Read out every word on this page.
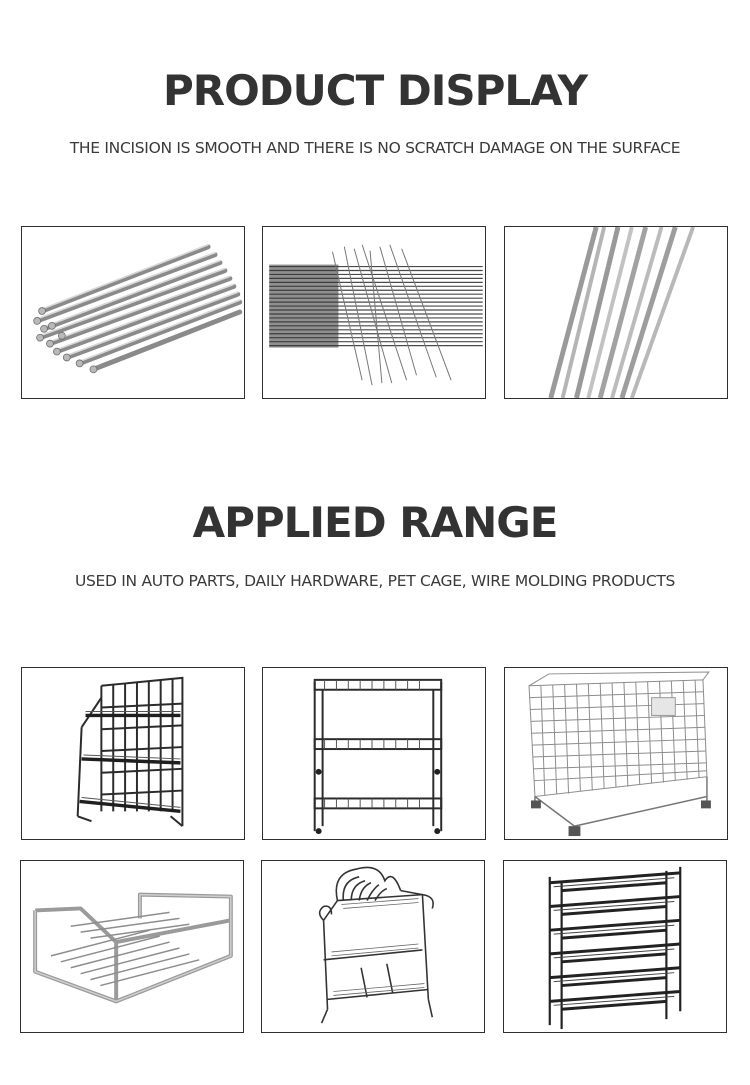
PRODUCT DISPLAY

THE INCISION IS SMOOTH AND THERE IS NO SCRATCH DAMAGE ON THE SURFACE

APPLIED RANGE

USED IN AUTO PARTS, DAILY HARDWARE, PET CAGE, WIRE MOLDING PRODUCTS
